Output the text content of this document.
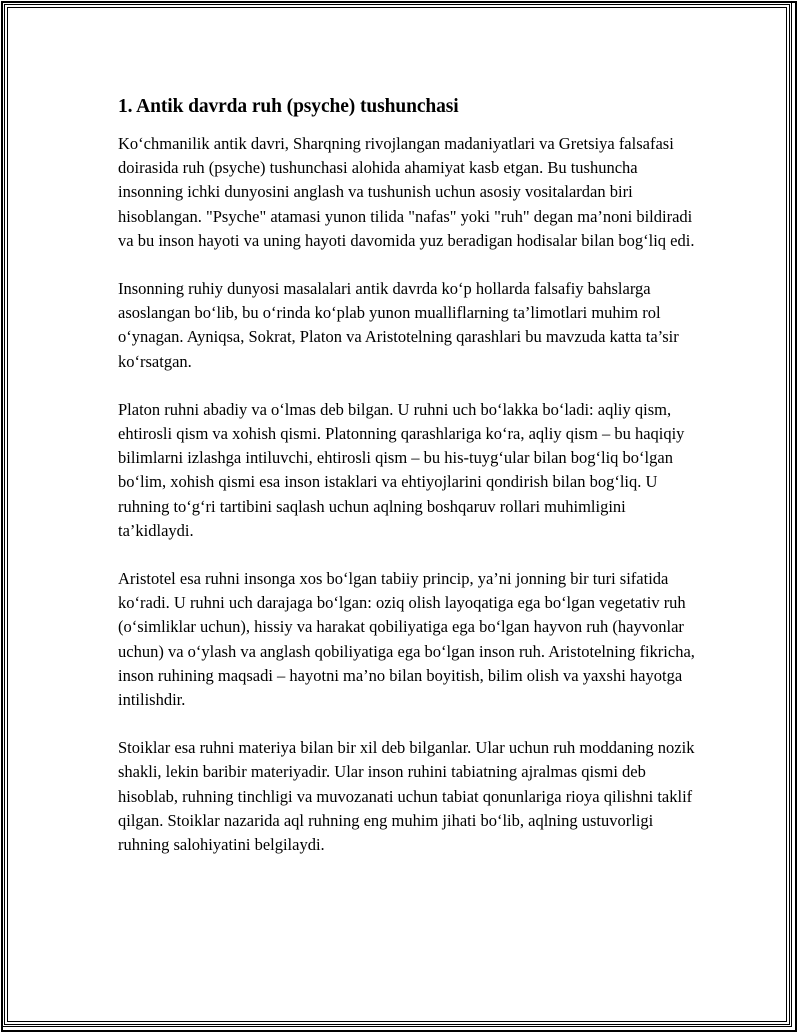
1. Antik davrda ruh (psyche) tushunchasi

Ko‘chmanilik antik davri, Sharqning rivojlangan madaniyatlari va Gretsiya falsafasi doirasida ruh (psyche) tushunchasi alohida ahamiyat kasb etgan. Bu tushuncha insonning ichki dunyosini anglash va tushunish uchun asosiy vositalardan biri hisoblangan. "Psyche" atamasi yunon tilida "nafas" yoki "ruh" degan ma’noni bildiradi va bu inson hayoti va uning hayoti davomida yuz beradigan hodisalar bilan bog‘liq edi.

Insonning ruhiy dunyosi masalalari antik davrda ko‘p hollarda falsafiy bahslarga asoslangan bo‘lib, bu o‘rinda ko‘plab yunon mualliflarning ta’limotlari muhim rol o‘ynagan. Ayniqsa, Sokrat, Platon va Aristotelning qarashlari bu mavzuda katta ta’sir ko‘rsatgan.

Platon ruhni abadiy va o‘lmas deb bilgan. U ruhni uch bo‘lakka bo‘ladi: aqliy qism, ehtirosli qism va xohish qismi. Platonning qarashlariga ko‘ra, aqliy qism – bu haqiqiy bilimlarni izlashga intiluvchi, ehtirosli qism – bu his-tuyg‘ular bilan bog‘liq bo‘lgan bo‘lim, xohish qismi esa inson istaklari va ehtiyojlarini qondirish bilan bog‘liq. U ruhning to‘g‘ri tartibini saqlash uchun aqlning boshqaruv rollari muhimligini ta’kidlaydi.

Aristotel esa ruhni insonga xos bo‘lgan tabiiy princip, ya’ni jonning bir turi sifatida ko‘radi. U ruhni uch darajaga bo‘lgan: oziq olish layoqatiga ega bo‘lgan vegetativ ruh (o‘simliklar uchun), hissiy va harakat qobiliyatiga ega bo‘lgan hayvon ruh (hayvonlar uchun) va o‘ylash va anglash qobiliyatiga ega bo‘lgan inson ruh. Aristotelning fikricha, inson ruhining maqsadi – hayotni ma’no bilan boyitish, bilim olish va yaxshi hayotga intilishdir.

Stoiklar esa ruhni materiya bilan bir xil deb bilganlar. Ular uchun ruh moddaning nozik shakli, lekin baribir materiyadir. Ular inson ruhini tabiatning ajralmas qismi deb hisoblab, ruhning tinchligi va muvozanati uchun tabiat qonunlariga rioya qilishni taklif qilgan. Stoiklar nazarida aql ruhning eng muhim jihati bo‘lib, aqlning ustuvorligi ruhning salohiyatini belgilaydi.
